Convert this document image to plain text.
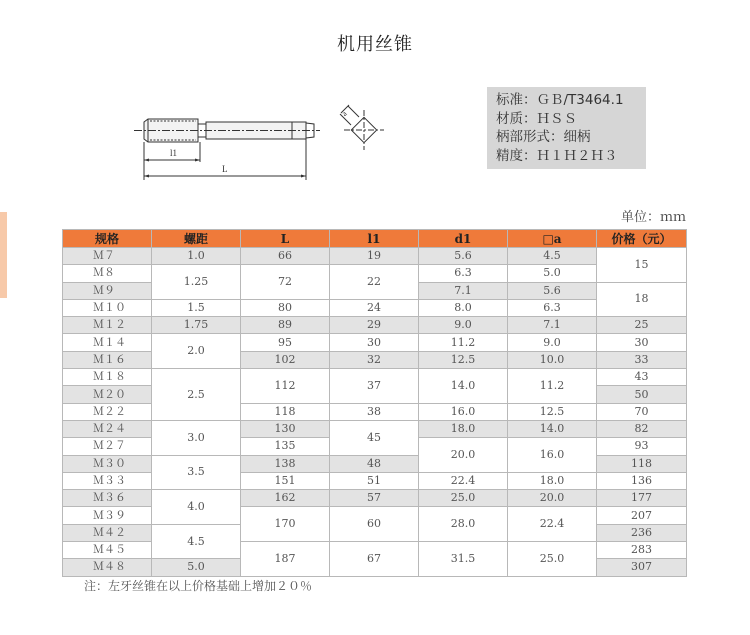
机用丝锥
l1
L
a
标准：ＧＢ/T3464.1
材质：ＨＳＳ
柄部形式：细柄
精度：Ｈ１Ｈ２Ｈ３
单位：ｍｍ
规格	螺距	L	l1	d1	□a	价格（元）
Ｍ７	1.0	66	19	5.6	4.5	15
Ｍ８	1.25	72	22	6.3	5.0	
Ｍ９				7.1	5.6	18
Ｍ１０	1.5	80	24	8.0	6.3	
Ｍ１２	1.75	89	29	9.0	7.1	25
Ｍ１４	2.0	95	30	11.2	9.0	30
Ｍ１６		102	32	12.5	10.0	33
Ｍ１８	2.5	112	37	14.0	11.2	43
Ｍ２０						50
Ｍ２２		118	38	16.0	12.5	70
Ｍ２４	3.0	130	45	18.0	14.0	82
Ｍ２７		135		20.0	16.0	93
Ｍ３０	3.5	138	48			118
Ｍ３３		151	51	22.4	18.0	136
Ｍ３６	4.0	162	57	25.0	20.0	177
Ｍ３９		170	60	28.0	22.4	207
Ｍ４２	4.5					236
Ｍ４５		187	67	31.5	25.0	283
Ｍ４８	5.0					307
注：左牙丝锥在以上价格基础上增加２０％
